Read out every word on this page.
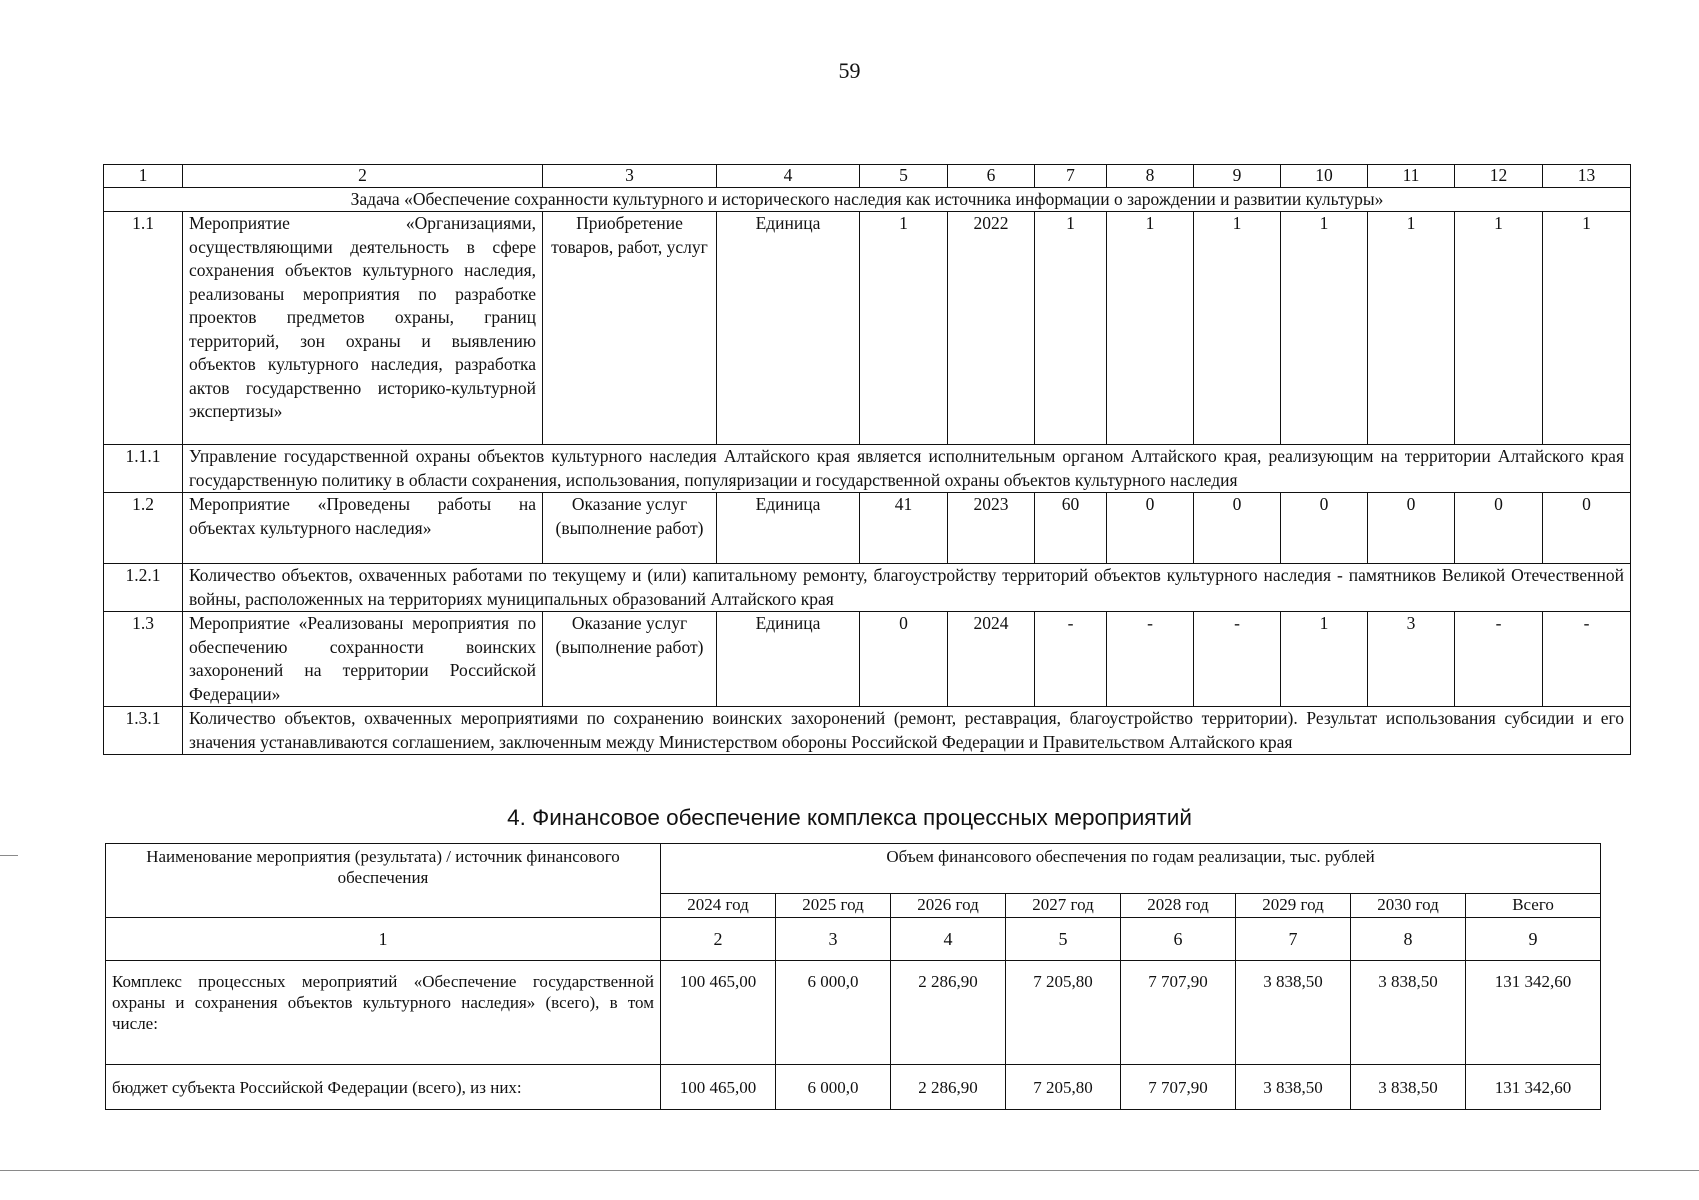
59
1	2	3	4	5	6	7	8	9	10	11	12	13
Задача «Обеспечение сохранности культурного и исторического наследия как источника информации о зарождении и развитии культуры»												
1.1	Мероприятие «Организациями, осуществляющими деятельность в сфере сохранения объектов культурного наследия, реализованы мероприятия по разработке проектов предметов охраны, границ территорий, зон охраны и выявлению объектов культурного наследия, разработка актов государственно историко-культурной экспертизы»	Приобретение товаров, работ, услуг	Единица	1	2022	1	1	1	1	1	1	1
1.1.1	Управление государственной охраны объектов культурного наследия Алтайского края является исполнительным органом Алтайского края, реализующим на территории Алтайского края государственную политику в области сохранения, использования, популяризации и государственной охраны объектов культурного наследия											
1.2	Мероприятие «Проведены работы на объектах культурного наследия»	Оказание услуг (выполнение работ)	Единица	41	2023	60	0	0	0	0	0	0
1.2.1	Количество объектов, охваченных работами по текущему и (или) капитальному ремонту, благоустройству территорий объектов культурного наследия - памятников Великой Отечественной войны, расположенных на территориях муниципальных образований Алтайского края											
1.3	Мероприятие «Реализованы мероприятия по обеспечению сохранности воинских захоронений на территории Российской Федерации»	Оказание услуг (выполнение работ)	Единица	0	2024	-	-	-	1	3	-	-
1.3.1	Количество объектов, охваченных мероприятиями по сохранению воинских захоронений (ремонт, реставрация, благоустройство территории). Результат использования субсидии и его значения устанавливаются соглашением, заключенным между Министерством обороны Российской Федерации и Правительством Алтайского края											
4. Финансовое обеспечение комплекса процессных мероприятий
Наименование мероприятия (результата) / источник финансового обеспечения	Объем финансового обеспечения по годам реализации, тыс. рублей							
	2024 год	2025 год	2026 год	2027 год	2028 год	2029 год	2030 год	Всего
1	2	3	4	5	6	7	8	9
Комплекс процессных мероприятий «Обеспечение государственной охраны и сохранения объектов культурного наследия» (всего), в том числе:	100 465,00	6 000,0	2 286,90	7 205,80	7 707,90	3 838,50	3 838,50	131 342,60
бюджет субъекта Российской Федерации (всего), из них:	100 465,00	6 000,0	2 286,90	7 205,80	7 707,90	3 838,50	3 838,50	131 342,60
